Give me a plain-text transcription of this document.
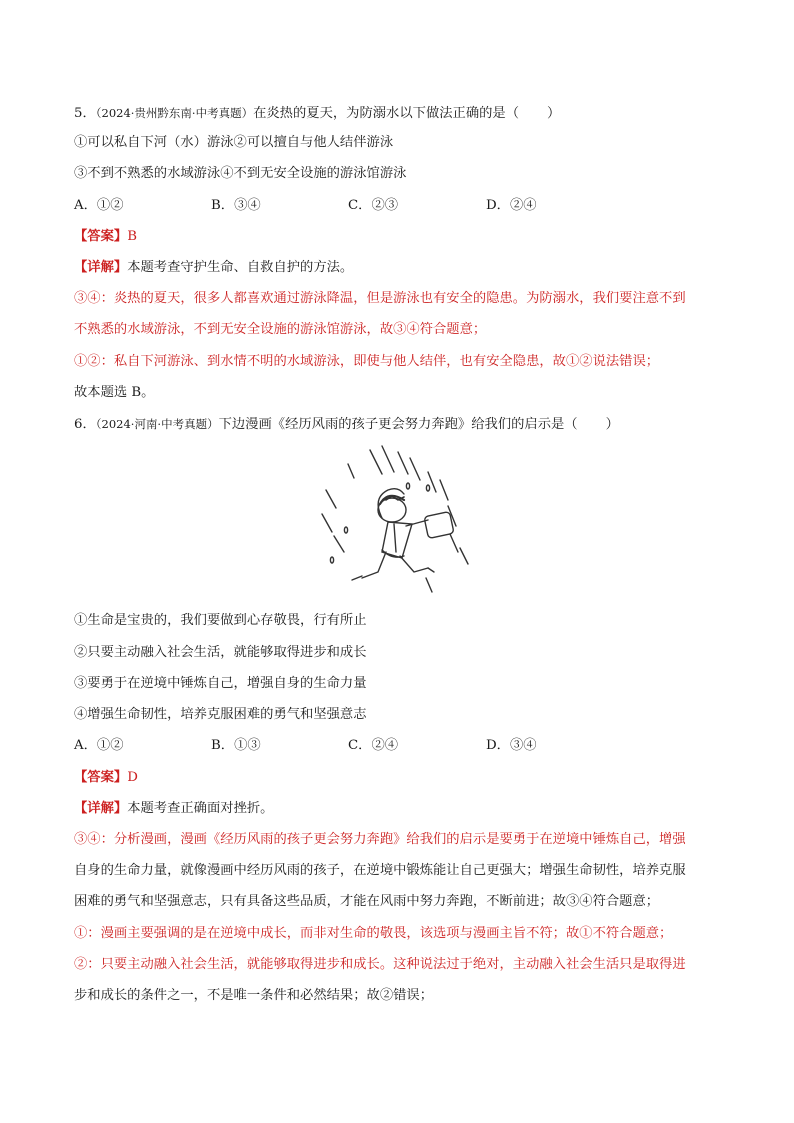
5．（2024·贵州黔东南·中考真题）在炎热的夏天，为防溺水以下做法正确的是（ ）
①可以私自下河（水）游泳②可以擅自与他人结伴游泳
③不到不熟悉的水域游泳④不到无安全设施的游泳馆游泳
A．①②	B．③④	C．②③	D．②④
【答案】B
【详解】本题考查守护生命、自救自护的方法。
③④：炎热的夏天，很多人都喜欢通过游泳降温，但是游泳也有安全的隐患。为防溺水，我们要注意不到
不熟悉的水域游泳，不到无安全设施的游泳馆游泳，故③④符合题意；
①②：私自下河游泳、到水情不明的水域游泳，即使与他人结伴，也有安全隐患，故①②说法错误；
故本题选 B。
6．（2024·河南·中考真题）下边漫画《经历风雨的孩子更会努力奔跑》给我们的启示是（ ）
①生命是宝贵的，我们要做到心存敬畏，行有所止
②只要主动融入社会生活，就能够取得进步和成长
③要勇于在逆境中锤炼自己，增强自身的生命力量
④增强生命韧性，培养克服困难的勇气和坚强意志
A．①②	B．①③	C．②④	D．③④
【答案】D
【详解】本题考查正确面对挫折。
③④：分析漫画，漫画《经历风雨的孩子更会努力奔跑》给我们的启示是要勇于在逆境中锤炼自己，增强
自身的生命力量，就像漫画中经历风雨的孩子，在逆境中锻炼能让自己更强大；增强生命韧性，培养克服
困难的勇气和坚强意志，只有具备这些品质，才能在风雨中努力奔跑，不断前进；故③④符合题意；
①：漫画主要强调的是在逆境中成长，而非对生命的敬畏，该选项与漫画主旨不符；故①不符合题意；
②：只要主动融入社会生活，就能够取得进步和成长。这种说法过于绝对，主动融入社会生活只是取得进
步和成长的条件之一，不是唯一条件和必然结果；故②错误；
